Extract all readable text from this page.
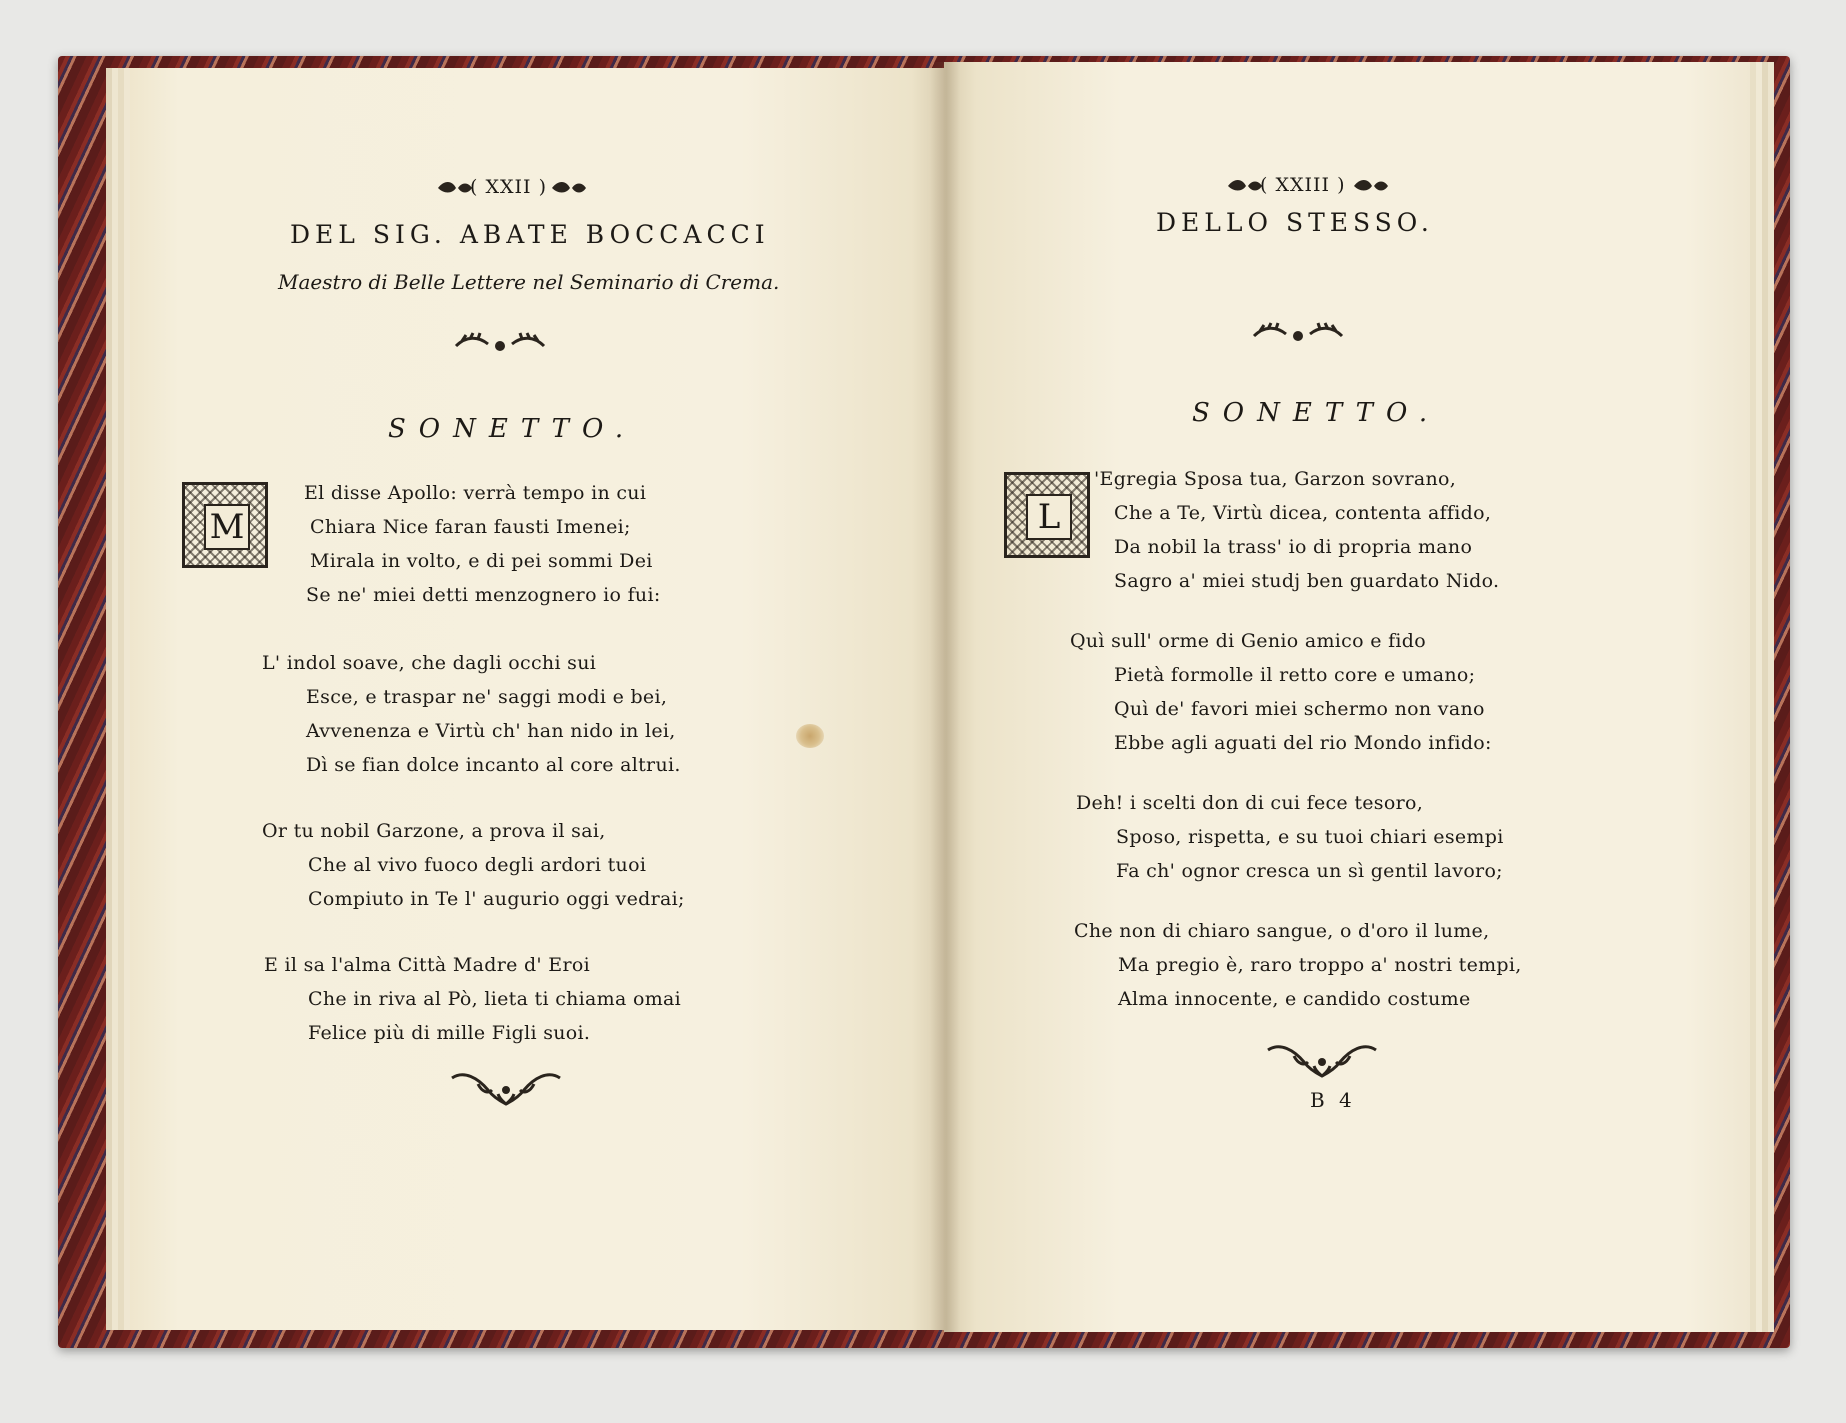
( XXII )
DEL SIG. ABATE BOCCACCI
Maestro di Belle Lettere nel Seminario di Crema.
SONETTO.
M
El disse Apollo: verrà tempo in cui
Chiara Nice faran fausti Imenei;
Mirala in volto, e di pei sommi Dei
Se ne' miei detti menzognero io fui:
L' indol soave, che dagli occhi sui
Esce, e traspar ne' saggi modi e bei,
Avvenenza e Virtù ch' han nido in lei,
Dì se fian dolce incanto al core altrui.
Or tu nobil Garzone, a prova il sai,
Che al vivo fuoco degli ardori tuoi
Compiuto in Te l' augurio oggi vedrai;
E il sa l'alma Città Madre d' Eroi
Che in riva al Pò, lieta ti chiama omai
Felice più di mille Figli suoi.
( XXIII )
DELLO STESSO.
SONETTO.
L
'Egregia Sposa tua, Garzon sovrano,
Che a Te, Virtù dicea, contenta affido,
Da nobil la trass' io di propria mano
Sagro a' miei studj ben guardato Nido.
Quì sull' orme di Genio amico e fido
Pietà formolle il retto core e umano;
Quì de' favori miei schermo non vano
Ebbe agli aguati del rio Mondo infido:
Deh! i scelti don di cui fece tesoro,
Sposo, rispetta, e su tuoi chiari esempi
Fa ch' ognor cresca un sì gentil lavoro;
Che non di chiaro sangue, o d'oro il lume,
Ma pregio è, raro troppo a' nostri tempi,
Alma innocente, e candido costume
B 4
